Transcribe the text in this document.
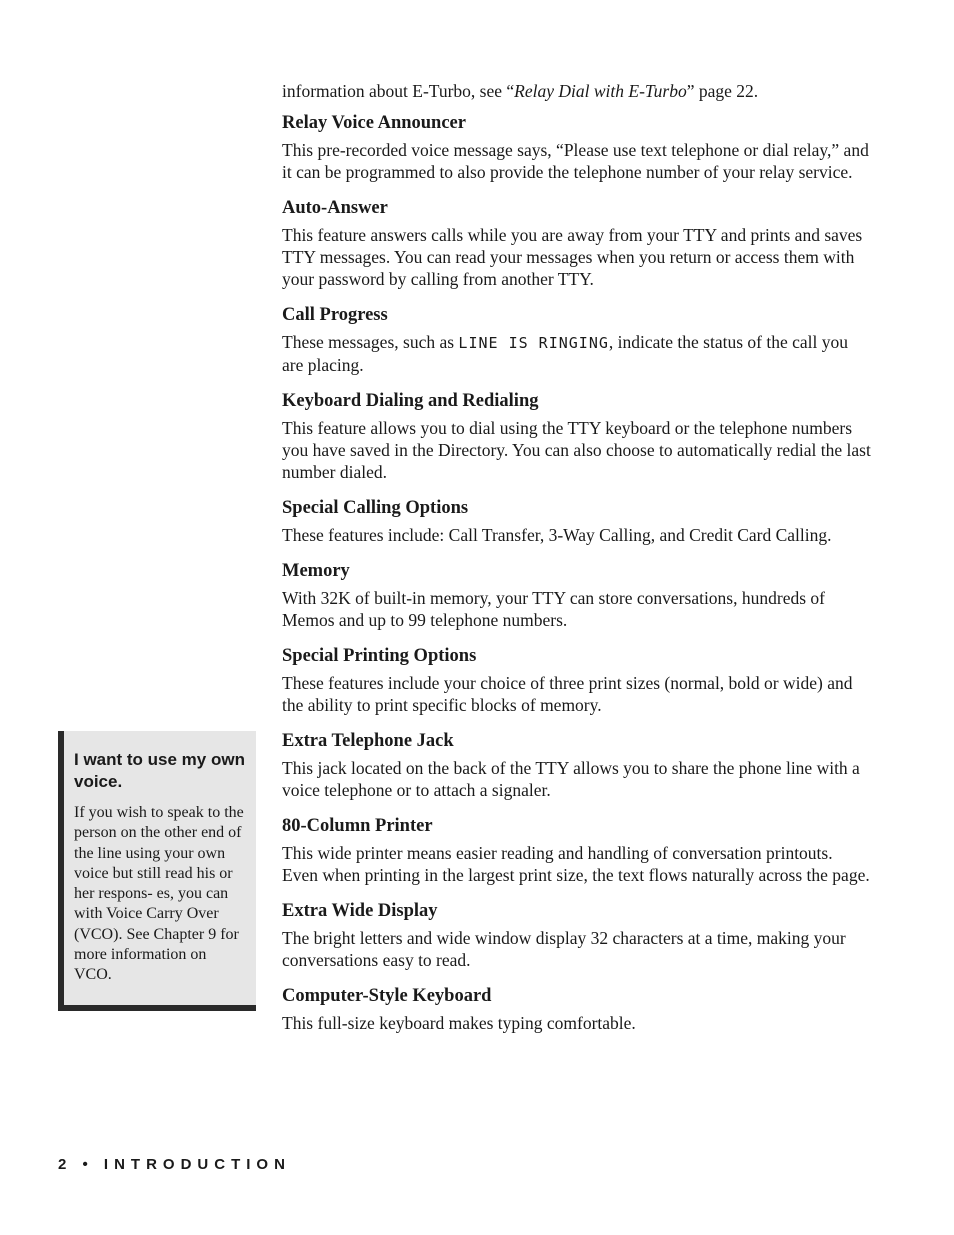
information about E-Turbo, see “Relay Dial with E-Turbo” page 22.

Relay Voice Announcer

This pre-recorded voice message says, “Please use text telephone or dial relay,” and it can be programmed to also provide the telephone number of your relay service.

Auto-Answer

This feature answers calls while you are away from your TTY and prints and saves TTY messages. You can read your messages when you return or access them with your password by calling from another TTY.

Call Progress

These messages, such as LINE IS RINGING, indicate the status of the call you are placing.

Keyboard Dialing and Redialing

This feature allows you to dial using the TTY keyboard or the telephone numbers you have saved in the Directory. You can also choose to automatically redial the last number dialed.

Special Calling Options

These features include: Call Transfer, 3-Way Calling, and Credit Card Calling.

Memory

With 32K of built-in memory, your TTY can store conversations, hundreds of Memos and up to 99 telephone numbers.

Special Printing Options

These features include your choice of three print sizes (normal, bold or wide) and the ability to print specific blocks of memory.

Extra Telephone Jack

This jack located on the back of the TTY allows you to share the phone line with a voice telephone or to attach a signaler.

80-Column Printer

This wide printer means easier reading and handling of conversation printouts. Even when printing in the largest print size, the text flows naturally across the page.

Extra Wide Display

The bright letters and wide window display 32 characters at a time, making your conversations easy to read.

Computer-Style Keyboard

This full-size keyboard makes typing comfortable.

I want to use my own voice.

If you wish to speak to the person on the other end of the line using your own voice but still read his or her respons- es, you can with Voice Carry Over (VCO). See Chapter 9 for more information on VCO.

2 • INTRODUCTION
